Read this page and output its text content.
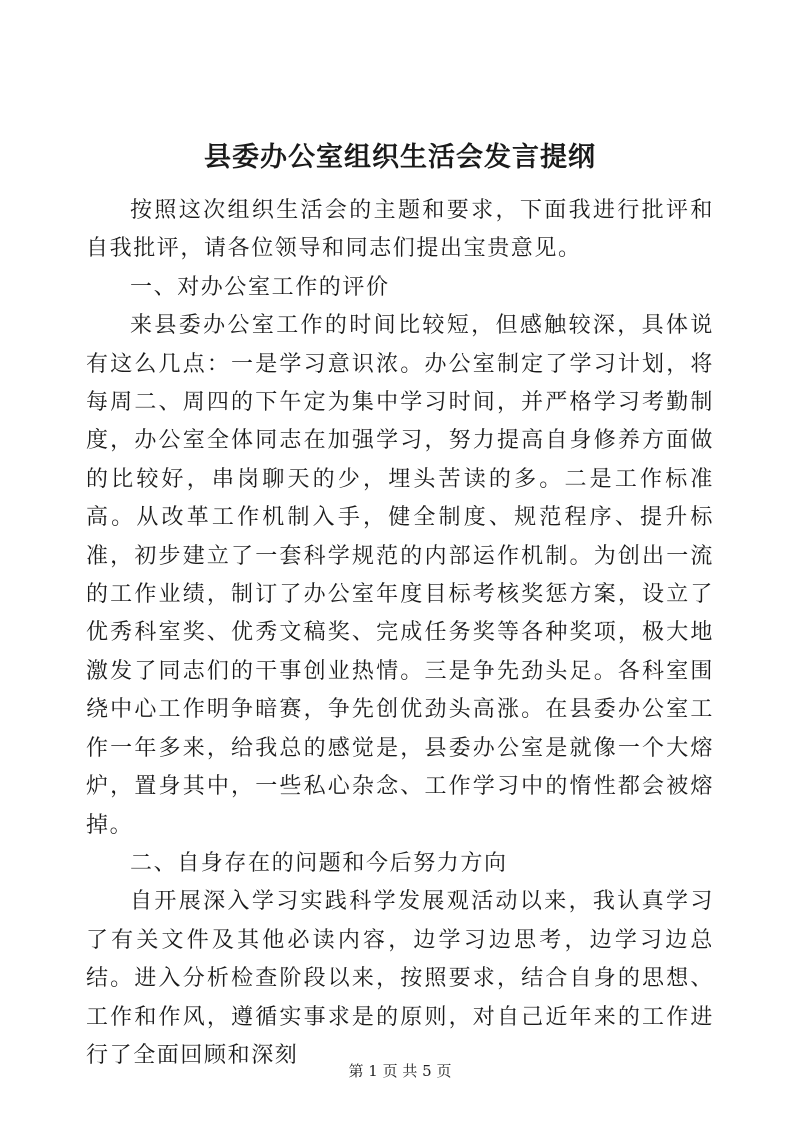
县委办公室组织生活会发言提纲

按照这次组织生活会的主题和要求，下面我进行批评和自我批评，请各位领导和同志们提出宝贵意见。

一、对办公室工作的评价

来县委办公室工作的时间比较短，但感触较深，具体说有这么几点：一是学习意识浓。办公室制定了学习计划，将每周二、周四的下午定为集中学习时间，并严格学习考勤制度，办公室全体同志在加强学习，努力提高自身修养方面做的比较好，串岗聊天的少，埋头苦读的多。二是工作标准高。从改革工作机制入手，健全制度、规范程序、提升标准，初步建立了一套科学规范的内部运作机制。为创出一流的工作业绩，制订了办公室年度目标考核奖惩方案，设立了优秀科室奖、优秀文稿奖、完成任务奖等各种奖项，极大地激发了同志们的干事创业热情。三是争先劲头足。各科室围绕中心工作明争暗赛，争先创优劲头高涨。在县委办公室工作一年多来，给我总的感觉是，县委办公室是就像一个大熔炉，置身其中，一些私心杂念、工作学习中的惰性都会被熔掉。

二、自身存在的问题和今后努力方向

自开展深入学习实践科学发展观活动以来，我认真学习了有关文件及其他必读内容，边学习边思考，边学习边总结。进入分析检查阶段以来，按照要求，结合自身的思想、工作和作风，遵循实事求是的原则，对自己近年来的工作进行了全面回顾和深刻

第 1 页 共 5 页
